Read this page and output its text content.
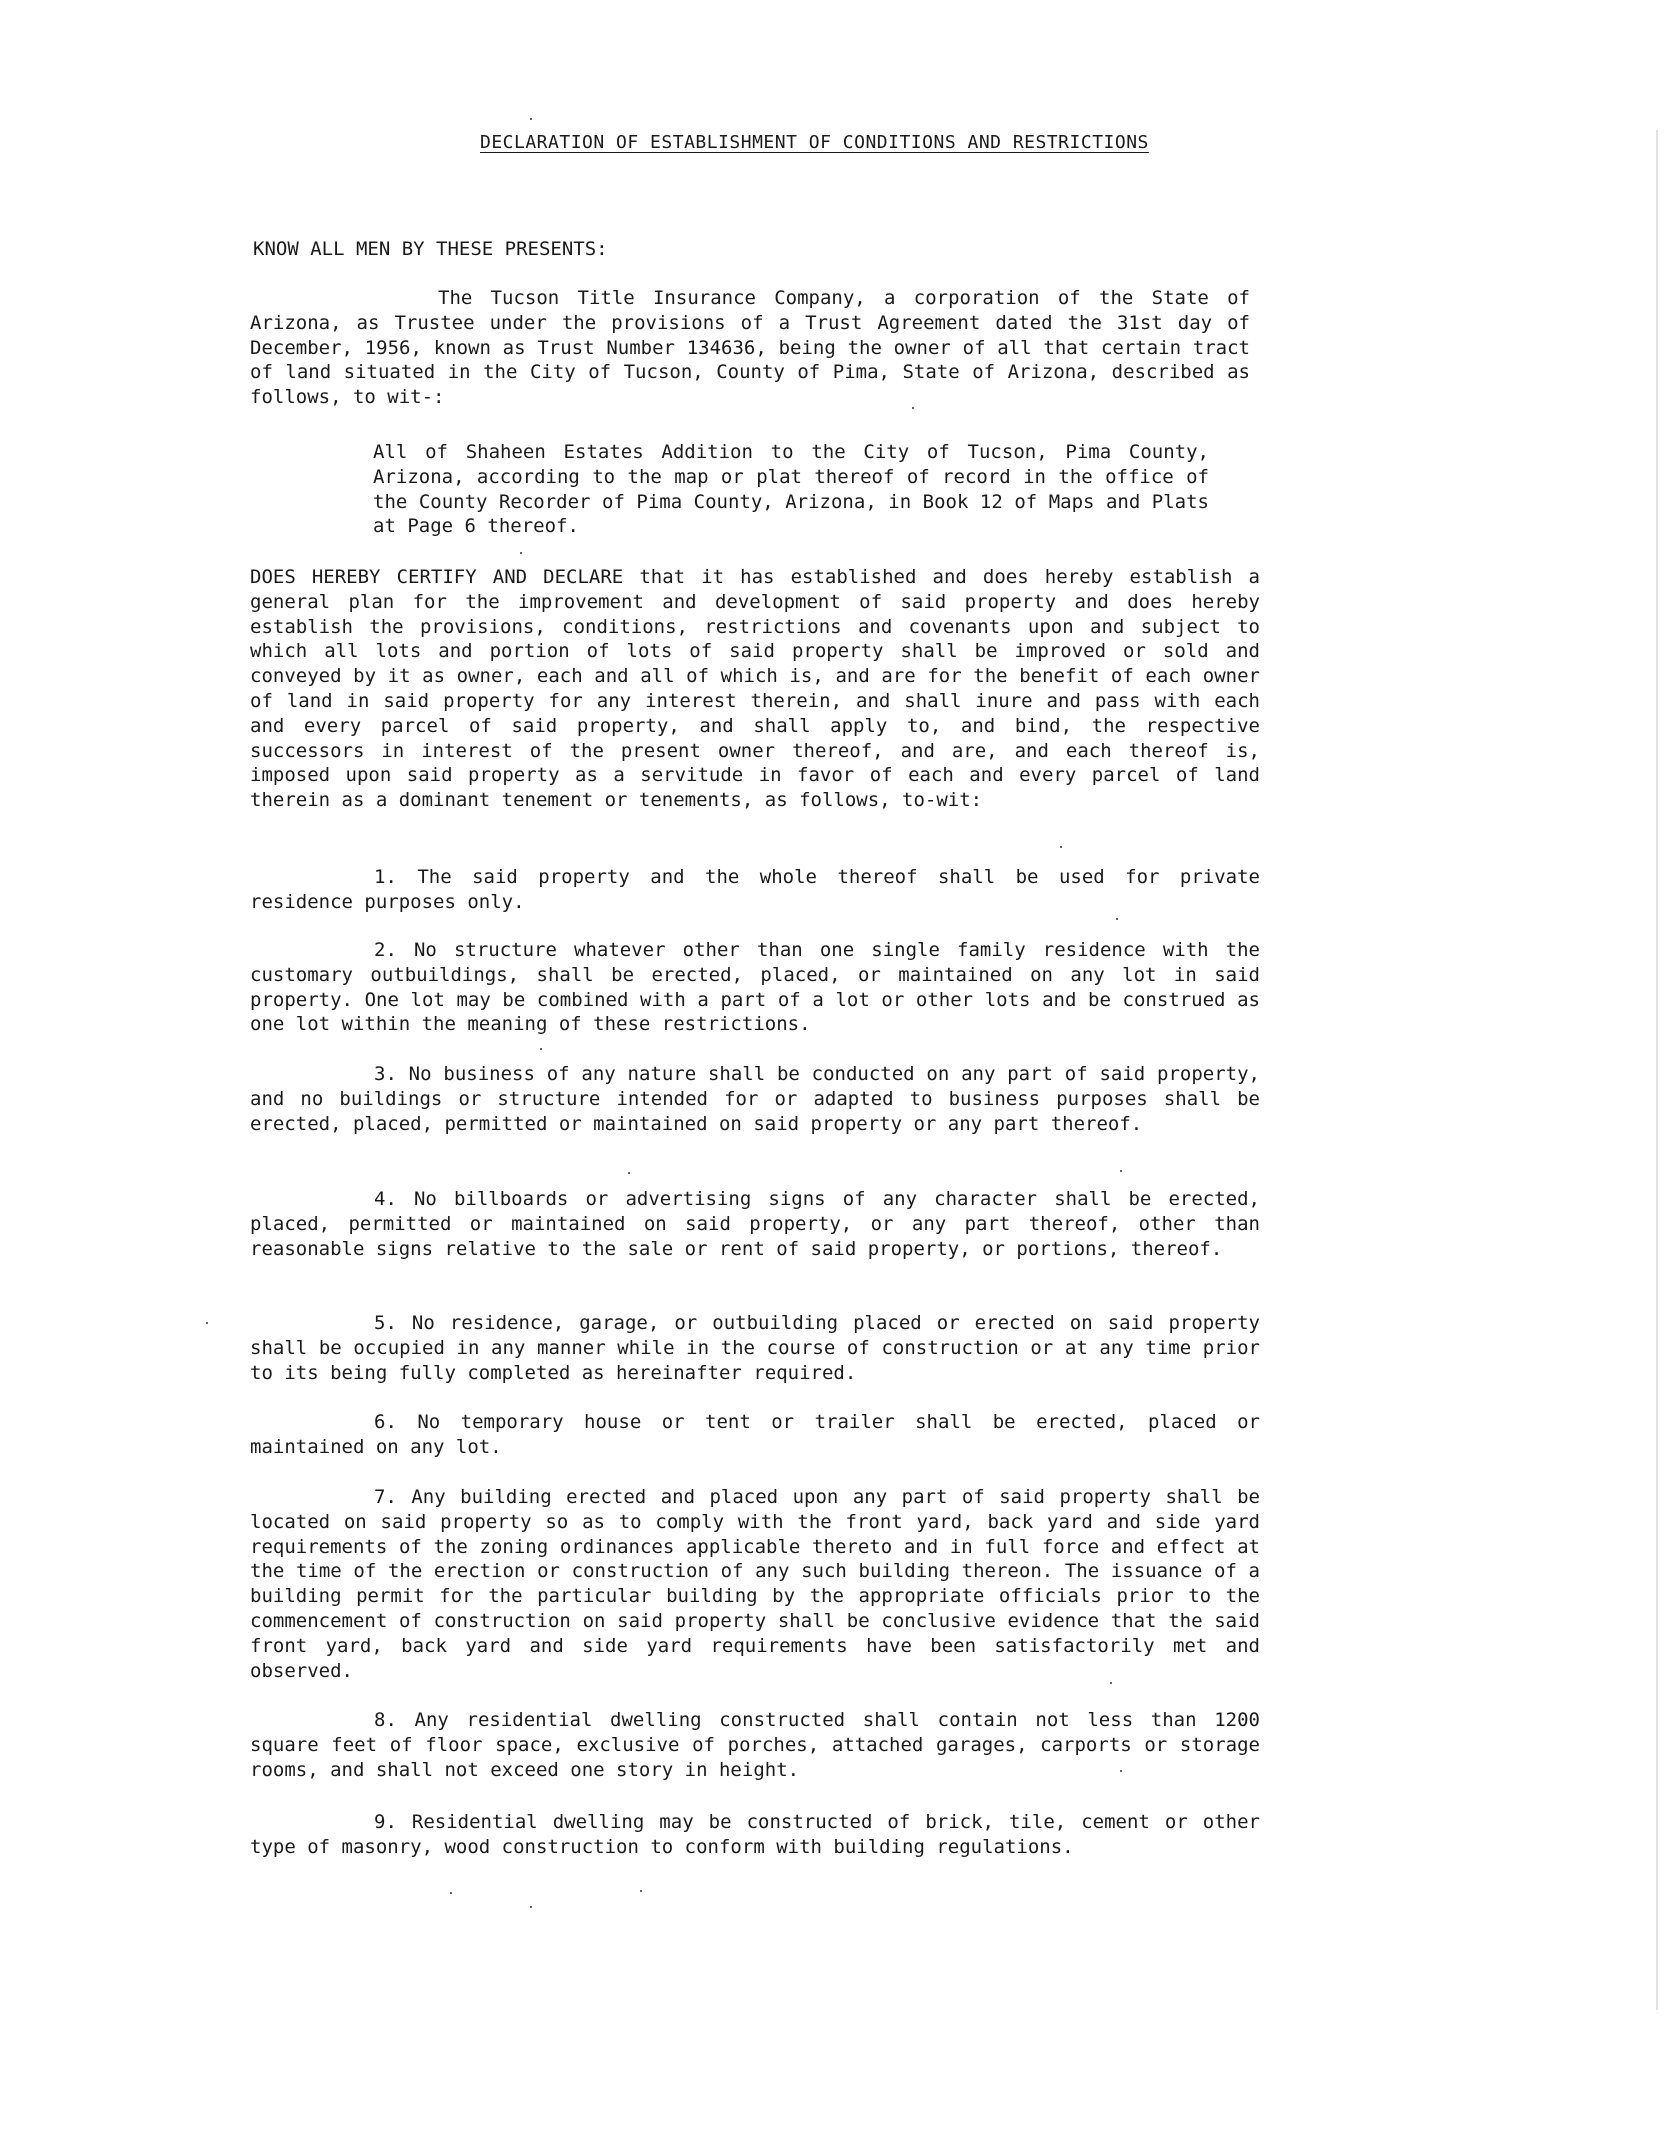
DECLARATION OF ESTABLISHMENT OF CONDITIONS AND RESTRICTIONS
KNOW ALL MEN BY THESE PRESENTS:

The Tucson Title Insurance Company, a corporation of the State of Arizona, as Trustee under the provisions of a Trust Agreement dated the 31st day of December, 1956, known as Trust Number 134636, being the owner of all that certain tract of land situated in the City of Tucson, County of Pima, State of Arizona, described as follows, to wit-:

All of Shaheen Estates Addition to the City of Tucson, Pima County, Arizona, according to the map or plat thereof of record in the office of the County Recorder of Pima County, Arizona, in Book 12 of Maps and Plats at Page 6 thereof.

DOES HEREBY CERTIFY AND DECLARE that it has established and does hereby establish a general plan for the improvement and development of said property and does hereby establish the provisions, conditions, restrictions and covenants upon and subject to which all lots and portion of lots of said property shall be improved or sold and conveyed by it as owner, each and all of which is, and are for the benefit of each owner of land in said property for any interest therein, and shall inure and pass with each and every parcel of said property, and shall apply to, and bind, the respective successors in interest of the present owner thereof, and are, and each thereof is, imposed upon said property as a servitude in favor of each and every parcel of land therein as a dominant tenement or tenements, as follows, to-wit:

1. The said property and the whole thereof shall be used for private residence purposes only.

2. No structure whatever other than one single family residence with the customary outbuildings, shall be erected, placed, or maintained on any lot in said property. One lot may be combined with a part of a lot or other lots and be construed as one lot within the meaning of these restrictions.

3. No business of any nature shall be conducted on any part of said property, and no buildings or structure intended for or adapted to business purposes shall be erected, placed, permitted or maintained on said property or any part thereof.

4. No billboards or advertising signs of any character shall be erected, placed, permitted or maintained on said property, or any part thereof, other than reasonable signs relative to the sale or rent of said property, or portions, thereof.

5. No residence, garage, or outbuilding placed or erected on said property shall be occupied in any manner while in the course of construction or at any time prior to its being fully completed as hereinafter required.

6. No temporary house or tent or trailer shall be erected, placed or maintained on any lot.

7. Any building erected and placed upon any part of said property shall be located on said property so as to comply with the front yard, back yard and side yard requirements of the zoning ordinances applicable thereto and in full force and effect at the time of the erection or construction of any such building thereon. The issuance of a building permit for the particular building by the appropriate officials prior to the commencement of construction on said property shall be conclusive evidence that the said front yard, back yard and side yard requirements have been satisfactorily met and observed.

8. Any residential dwelling constructed shall contain not less than 1200 square feet of floor space, exclusive of porches, attached garages, carports or storage rooms, and shall not exceed one story in height.

9. Residential dwelling may be constructed of brick, tile, cement or other type of masonry, wood construction to conform with building regulations.
